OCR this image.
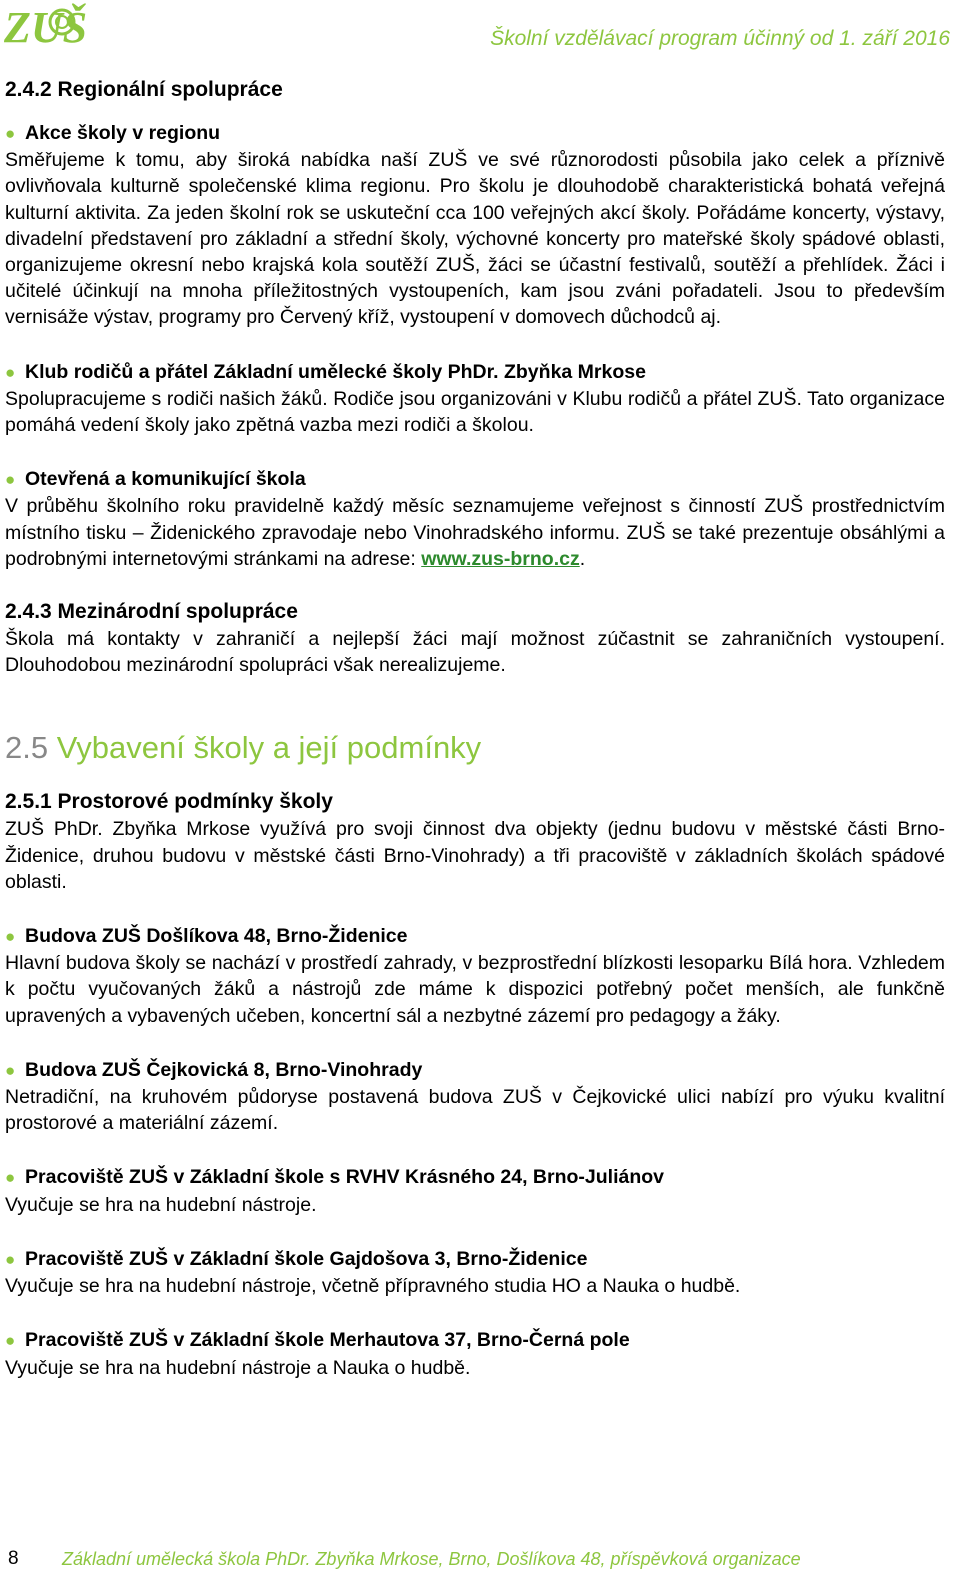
ZUŠ	Školní vzdělávací program účinný od 1. září 2016

2.4.2 Regionální spolupráce

● Akce školy v regionu

Směřujeme k tomu, aby široká nabídka naší ZUŠ ve své různorodosti působila jako celek a příznivě ovlivňovala kulturně společenské klima regionu. Pro školu je dlouhodobě charakteristická bohatá veřejná kulturní aktivita. Za jeden školní rok se uskuteční cca 100 veřejných akcí školy. Pořádáme koncerty, výstavy, divadelní představení pro základní a střední školy, výchovné koncerty pro mateřské školy spádové oblasti, organizujeme okresní nebo krajská kola soutěží ZUŠ, žáci se účastní festivalů, soutěží a přehlídek. Žáci i učitelé účinkují na mnoha příležitostných vystoupeních, kam jsou zváni pořadateli. Jsou to především vernisáže výstav, programy pro Červený kříž, vystoupení v domovech důchodců aj.

● Klub rodičů a přátel Základní umělecké školy PhDr. Zbyňka Mrkose

Spolupracujeme s rodiči našich žáků. Rodiče jsou organizováni v Klubu rodičů a přátel ZUŠ. Tato organizace pomáhá vedení školy jako zpětná vazba mezi rodiči a školou.

● Otevřená a komunikující škola

V průběhu školního roku pravidelně každý měsíc seznamujeme veřejnost s činností ZUŠ prostřednictvím místního tisku – Židenického zpravodaje nebo Vinohradského informu. ZUŠ se také prezentuje obsáhlými a podrobnými internetovými stránkami na adrese: www.zus-brno.cz.

2.4.3 Mezinárodní spolupráce

Škola má kontakty v zahraničí a nejlepší žáci mají možnost zúčastnit se zahraničních vystoupení. Dlouhodobou mezinárodní spolupráci však nerealizujeme.

2.5 Vybavení školy a její podmínky

2.5.1 Prostorové podmínky školy

ZUŠ PhDr. Zbyňka Mrkose využívá pro svoji činnost dva objekty (jednu budovu v městské části Brno-Židenice, druhou budovu v městské části Brno-Vinohrady) a tři pracoviště v základních školách spádové oblasti.

● Budova ZUŠ Došlíkova 48, Brno-Židenice

Hlavní budova školy se nachází v prostředí zahrady, v bezprostřední blízkosti lesoparku Bílá hora. Vzhledem k počtu vyučovaných žáků a nástrojů zde máme k dispozici potřebný počet menších, ale funkčně upravených a vybavených učeben, koncertní sál a nezbytné zázemí pro pedagogy a žáky.

● Budova ZUŠ Čejkovická 8, Brno-Vinohrady

Netradiční, na kruhovém půdoryse postavená budova ZUŠ v Čejkovické ulici nabízí pro výuku kvalitní prostorové a materiální zázemí.

● Pracoviště ZUŠ v Základní škole s RVHV Krásného 24, Brno-Juliánov

Vyučuje se hra na hudební nástroje.

● Pracoviště ZUŠ v Základní škole Gajdošova 3, Brno-Židenice

Vyučuje se hra na hudební nástroje, včetně přípravného studia HO a Nauka o hudbě.

● Pracoviště ZUŠ v Základní škole Merhautova 37, Brno-Černá pole

Vyučuje se hra na hudební nástroje a Nauka o hudbě.

8 Základní umělecká škola PhDr. Zbyňka Mrkose, Brno, Došlíkova 48, příspěvková organizace
